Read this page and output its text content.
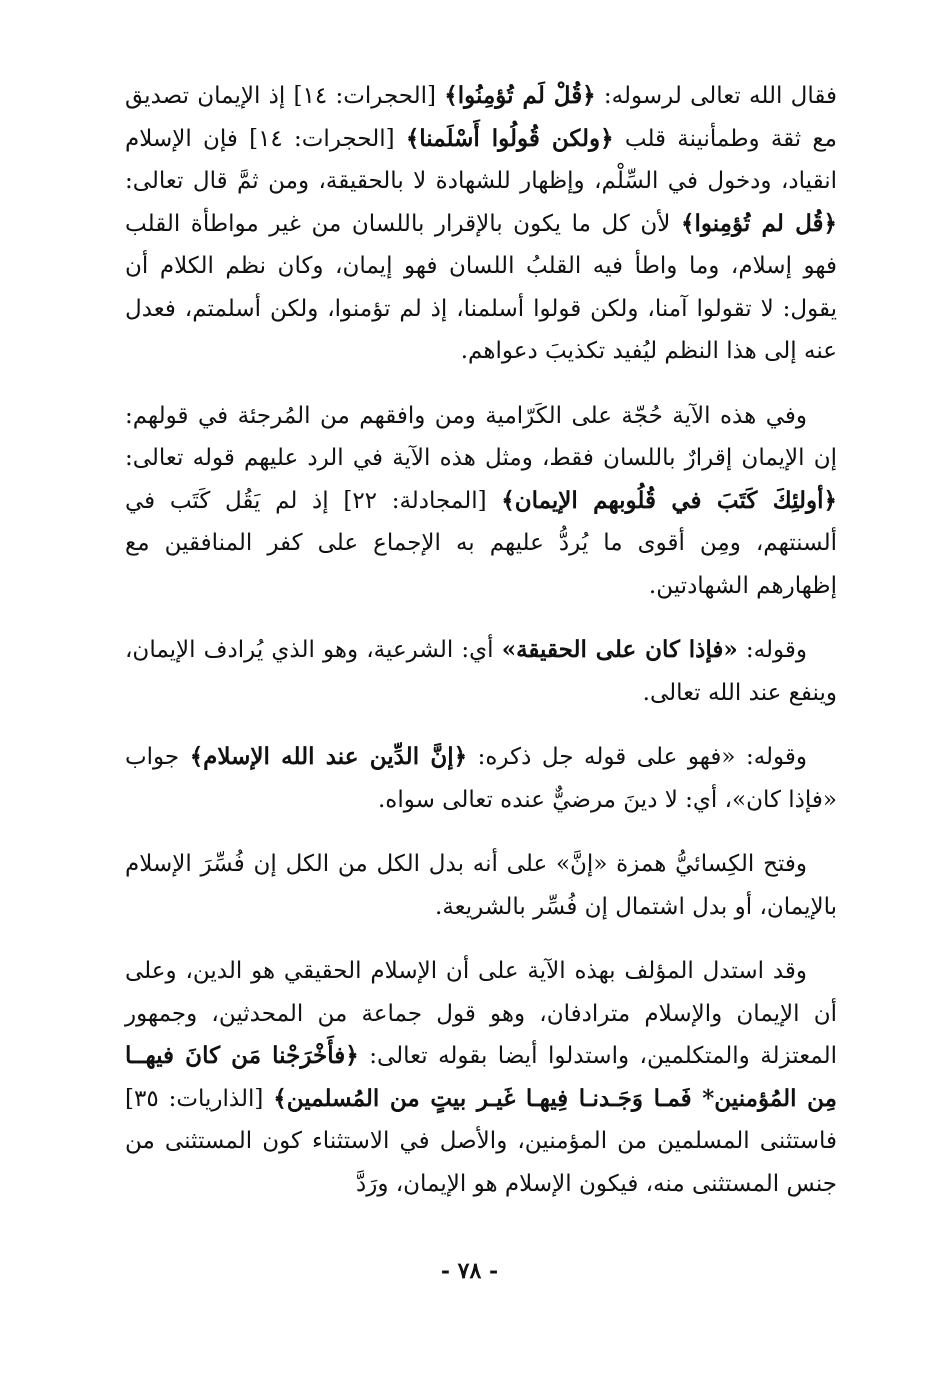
فقال الله تعالى لرسوله: ﴿قُلْ لَم تُؤمِنُوا﴾ [الحجرات: ١٤] إذ الإيمان تصديق مع ثقة وطمأنينة قلب ﴿ولكن قُولُوا أَسْلَمنا﴾ [الحجرات: ١٤] فإن الإسلام انقياد، ودخول في السِّلْم، وإظهار للشهادة لا بالحقيقة، ومن ثمَّ قال تعالى: ﴿قُل لم تُؤمِنوا﴾ لأن كل ما يكون بالإقرار باللسان من غير مواطأة القلب فهو إسلام، وما واطأ فيه القلبُ اللسان فهو إيمان، وكان نظم الكلام أن يقول: لا تقولوا آمنا، ولكن قولوا أسلمنا، إذ لم تؤمنوا، ولكن أسلمتم، فعدل عنه إلى هذا النظم ليُفيد تكذيبَ دعواهم.

وفي هذه الآية حُجّة على الكَرّامية ومن وافقهم من المُرجئة في قولهم: إن الإيمان إقرارٌ باللسان فقط، ومثل هذه الآية في الرد عليهم قوله تعالى: ﴿أولئِكَ كَتَبَ في قُلُوبهم الإيمان﴾ [المجادلة: ٢٢] إذ لم يَقُل كَتَب في ألسنتهم، ومِن أقوى ما يُردُّ عليهم به الإجماع على كفر المنافقين مع إظهارهم الشهادتين.

وقوله: «فإذا كان على الحقيقة» أي: الشرعية، وهو الذي يُرادف الإيمان، وينفع عند الله تعالى.

وقوله: «فهو على قوله جل ذكره: ﴿إنَّ الدِّين عند الله الإسلام﴾ جواب «فإذا كان»، أي: لا دينَ مرضيٌّ عنده تعالى سواه.

وفتح الكِسائيُّ همزة «إنَّ» على أنه بدل الكل من الكل إن فُسِّرَ الإسلام بالإيمان، أو بدل اشتمال إن فُسِّر بالشريعة.

وقد استدل المؤلف بهذه الآية على أن الإسلام الحقيقي هو الدين، وعلى أن الإيمان والإسلام مترادفان، وهو قول جماعة من المحدثين، وجمهور المعتزلة والمتكلمين، واستدلوا أيضا بقوله تعالى: ﴿فأَخْرَجْنا مَن كانَ فيهــا مِن المُؤمنين* فَمـا وَجَـدنـا فِيهـا غَيـر بيتٍ من المُسلمين﴾ [الذاريات: ٣٥] فاستثنى المسلمين من المؤمنين، والأصل في الاستثناء كون المستثنى من جنس المستثنى منه، فيكون الإسلام هو الإيمان، ورَدَّ

- ٧٨ -
